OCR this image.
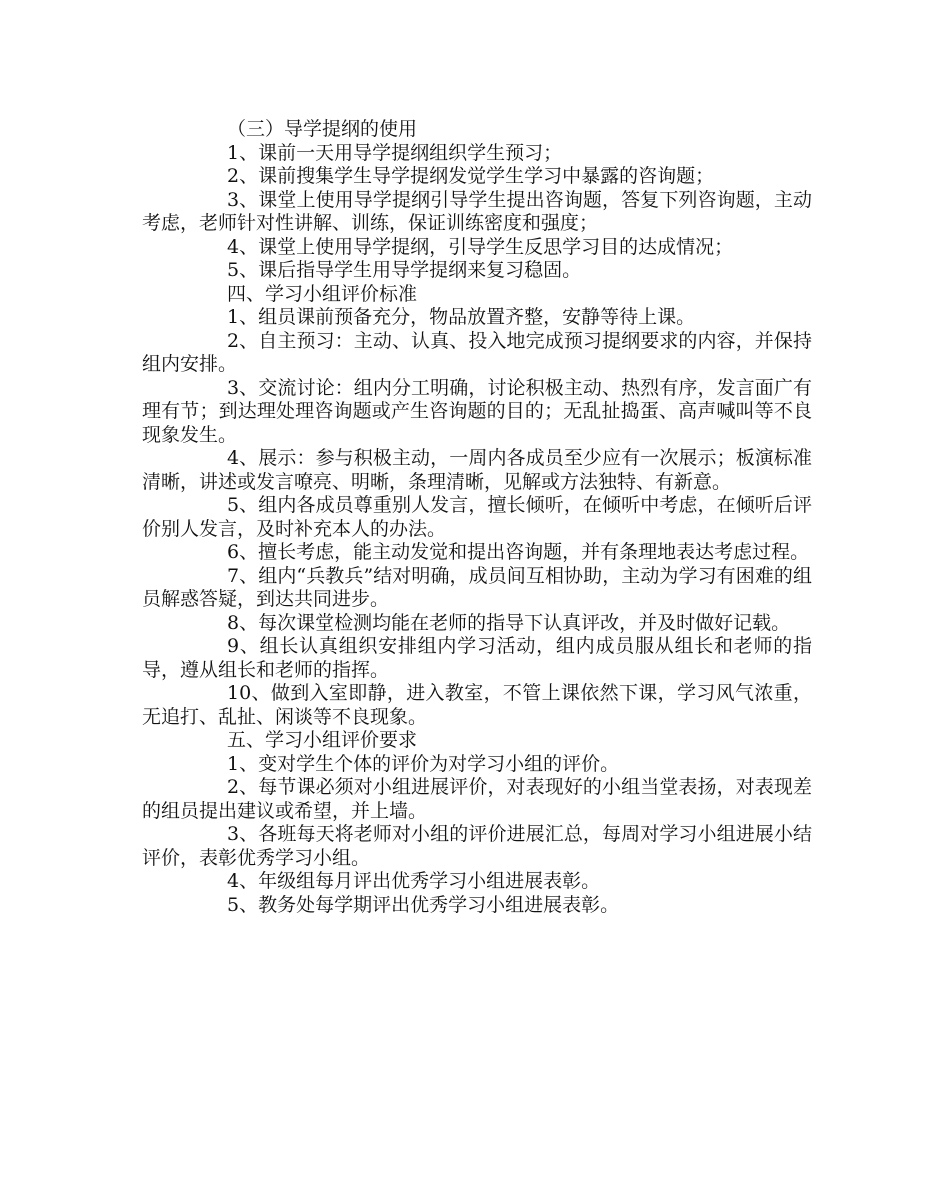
（三）导学提纲的使用

1、课前一天用导学提纲组织学生预习；

2、课前搜集学生导学提纲发觉学生学习中暴露的咨询题；

3、课堂上使用导学提纲引导学生提出咨询题，答复下列咨询题，主动考虑，老师针对性讲解、训练，保证训练密度和强度；

4、课堂上使用导学提纲，引导学生反思学习目的达成情况；

5、课后指导学生用导学提纲来复习稳固。

四、学习小组评价标准

1、组员课前预备充分，物品放置齐整，安静等待上课。

2、自主预习：主动、认真、投入地完成预习提纲要求的内容，并保持组内安排。

3、交流讨论：组内分工明确，讨论积极主动、热烈有序，发言面广有理有节；到达理处理咨询题或产生咨询题的目的；无乱扯捣蛋、高声喊叫等不良现象发生。

4、展示：参与积极主动，一周内各成员至少应有一次展示；板演标准清晰，讲述或发言嘹亮、明晰，条理清晰，见解或方法独特、有新意。

5、组内各成员尊重别人发言，擅长倾听，在倾听中考虑，在倾听后评价别人发言，及时补充本人的办法。

6、擅长考虑，能主动发觉和提出咨询题，并有条理地表达考虑过程。

7、组内“兵教兵”结对明确，成员间互相协助，主动为学习有困难的组员解惑答疑，到达共同进步。

8、每次课堂检测均能在老师的指导下认真评改，并及时做好记载。

9、组长认真组织安排组内学习活动，组内成员服从组长和老师的指导，遵从组长和老师的指挥。

10、做到入室即静，进入教室，不管上课依然下课，学习风气浓重，无追打、乱扯、闲谈等不良现象。

五、学习小组评价要求

1、变对学生个体的评价为对学习小组的评价。

2、每节课必须对小组进展评价，对表现好的小组当堂表扬，对表现差的组员提出建议或希望，并上墙。

3、各班每天将老师对小组的评价进展汇总，每周对学习小组进展小结评价，表彰优秀学习小组。

4、年级组每月评出优秀学习小组进展表彰。

5、教务处每学期评出优秀学习小组进展表彰。
